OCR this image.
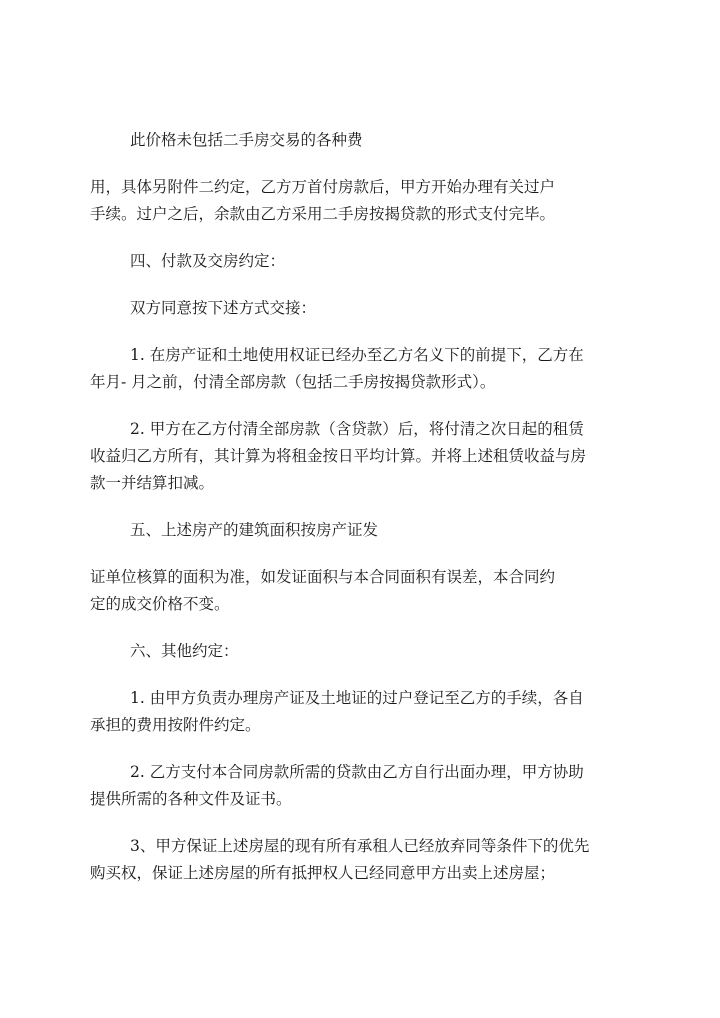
此价格未包括二手房交易的各种费
用，具体另附件二约定，乙方万首付房款后，甲方开始办理有关过户
手续。过户之后，余款由乙方采用二手房按揭贷款的形式支付完毕。
四、付款及交房约定：
双方同意按下述方式交接：
1. 在房产证和土地使用权证已经办至乙方名义下的前提下，乙方在
年月- 月之前，付清全部房款（包括二手房按揭贷款形式）。
2. 甲方在乙方付清全部房款（含贷款）后，将付清之次日起的租赁
收益归乙方所有，其计算为将租金按日平均计算。并将上述租赁收益与房
款一并结算扣减。
五、上述房产的建筑面积按房产证发
证单位核算的面积为准，如发证面积与本合同面积有误差，本合同约
定的成交价格不变。
六、其他约定：
1. 由甲方负责办理房产证及土地证的过户登记至乙方的手续，各自
承担的费用按附件约定。
2. 乙方支付本合同房款所需的贷款由乙方自行出面办理，甲方协助
提供所需的各种文件及证书。
3、甲方保证上述房屋的现有所有承租人已经放弃同等条件下的优先
购买权，保证上述房屋的所有抵押权人已经同意甲方出卖上述房屋；
